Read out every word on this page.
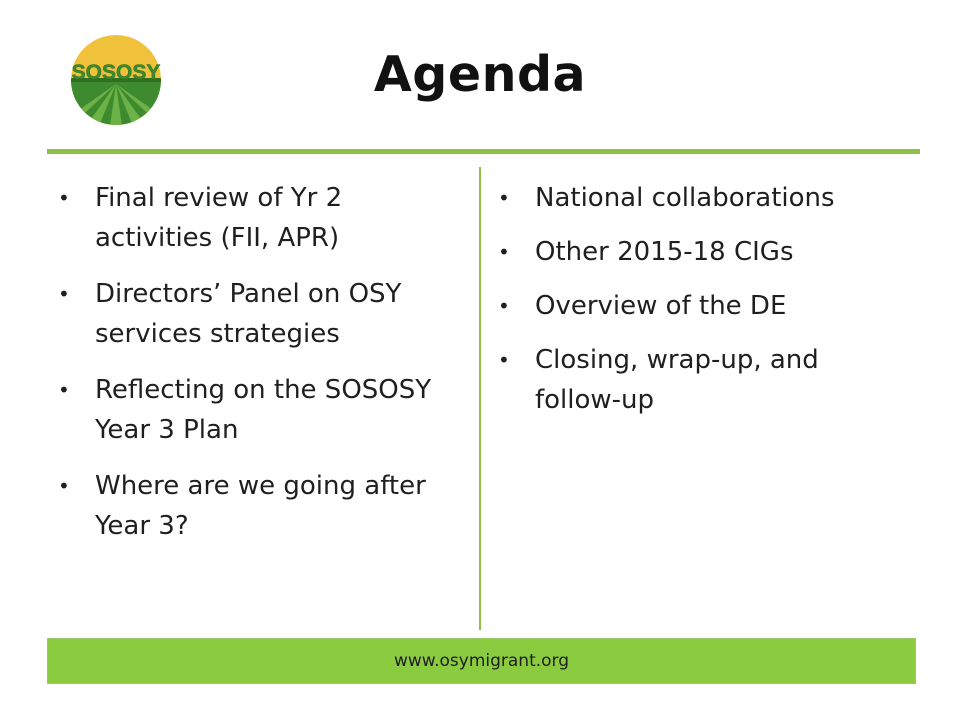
SOSOSY	Agenda
• Final review of Yr 2 activities (FII, APR)
• Directors’ Panel on OSY services strategies
• Reflecting on the SOSOSY Year 3 Plan
• Where are we going after Year 3?
• National collaborations
• Other 2015-18 CIGs
• Overview of the DE
• Closing, wrap-up, and follow-up
www.osymigrant.org
